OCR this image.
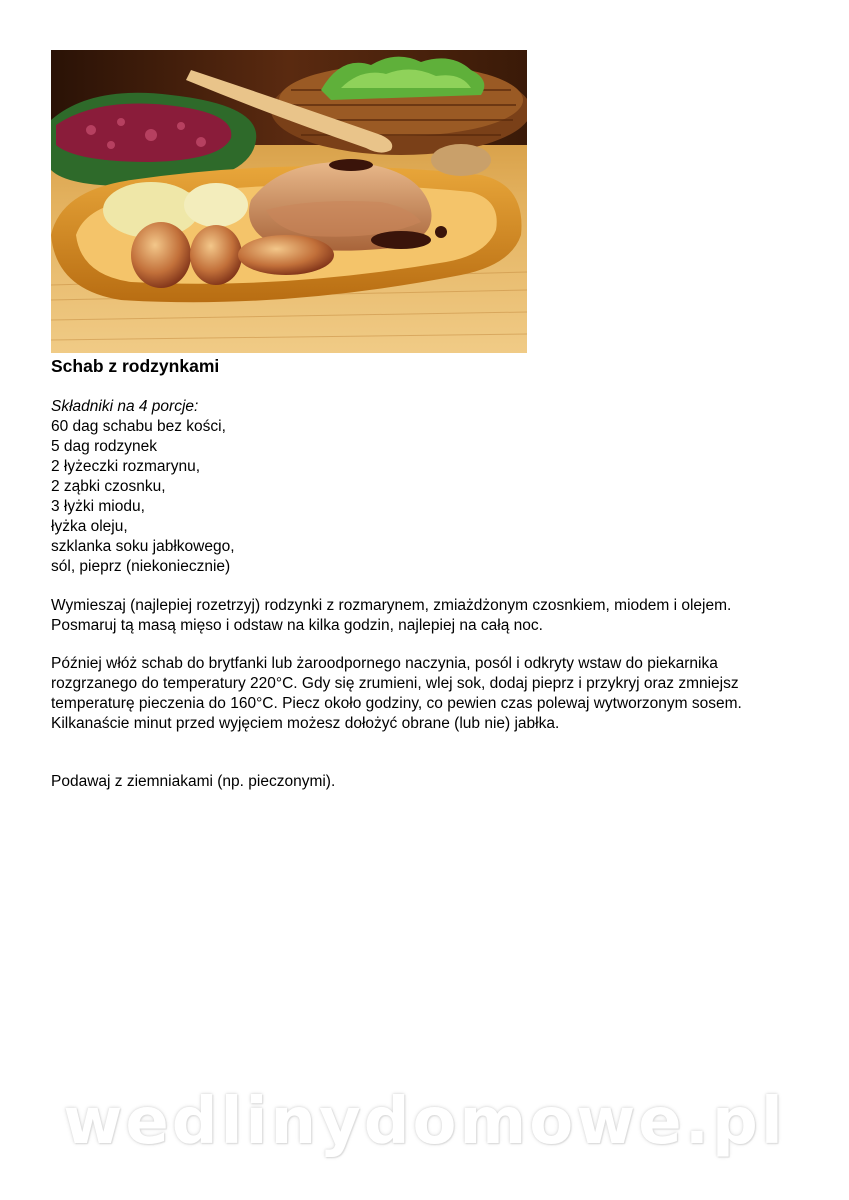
Schab z rodzynkami
Składniki na 4 porcje:
60 dag schabu bez kości,
5 dag rodzynek
2 łyżeczki rozmarynu,
2 ząbki czosnku,
3 łyżki miodu,
łyżka oleju,
szklanka soku jabłkowego,
sól, pieprz (niekoniecznie)

Wymieszaj (najlepiej rozetrzyj) rodzynki z rozmarynem, zmiażdżonym czosnkiem, miodem i olejem. Posmaruj tą masą mięso i odstaw na kilka godzin, najlepiej na całą noc.

Później włóż schab do brytfanki lub żaroodpornego naczynia, posól i odkryty wstaw do piekarnika rozgrzanego do temperatury 220°C. Gdy się zrumieni, wlej sok, dodaj pieprz i przykryj oraz zmniejsz temperaturę pieczenia do 160°C. Piecz około godziny, co pewien czas polewaj wytworzonym sosem. Kilkanaście minut przed wyjęciem możesz dołożyć obrane (lub nie) jabłka.

Podawaj z ziemniakami (np. pieczonymi).

wedlinydomowe.pl
